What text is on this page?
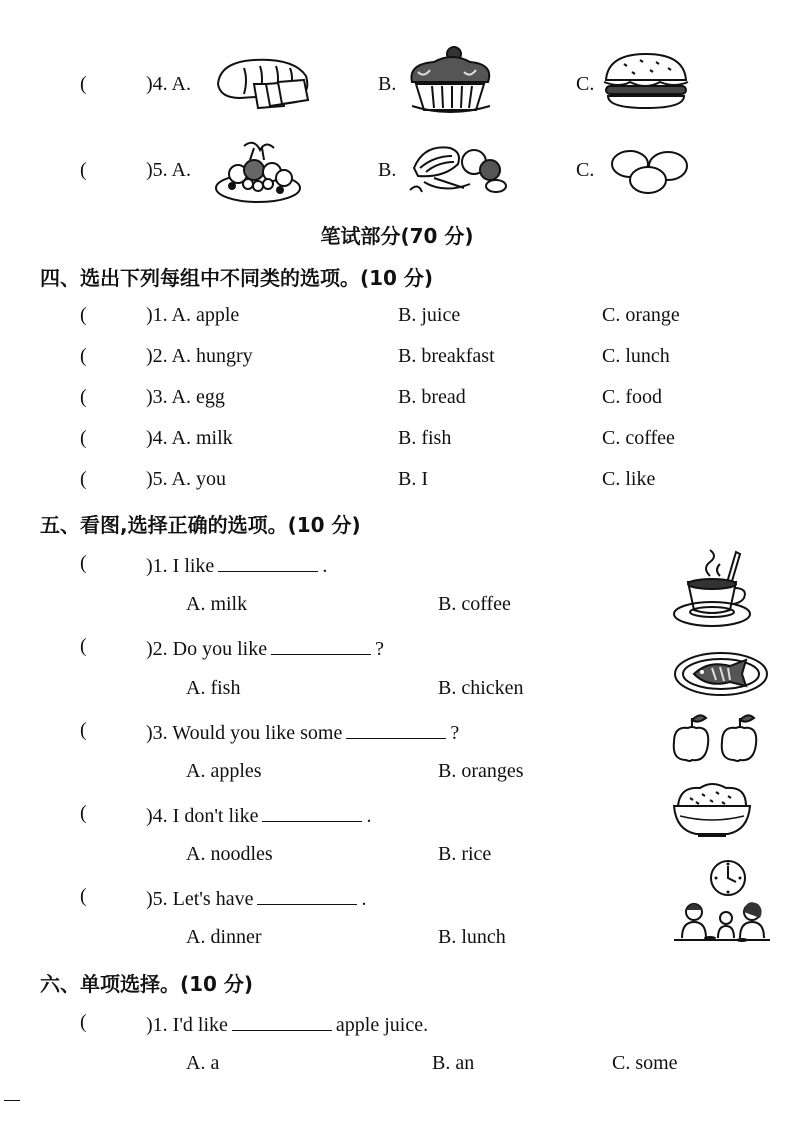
(	)4. A.	B.	C.
(	)5. A.	B.	C.
笔试部分(70 分)
四、选出下列每组中不同类的选项。(10 分)
(	)1. A. apple	B. juice	C. orange
(	)2. A. hungry	B. breakfast	C. lunch
(	)3. A. egg	B. bread	C. food
(	)4. A. milk	B. fish	C. coffee
(	)5. A. you	B. I	C. like
五、看图,选择正确的选项。(10 分)
(	)1. I like	.
A. milk	B. coffee
(	)2. Do you like	?
A. fish	B. chicken
(	)3. Would you like some	?
A. apples	B. oranges
(	)4. I don't like	.
A. noodles	B. rice
(	)5. Let's have	.
A. dinner	B. lunch
六、单项选择。(10 分)
(	)1. I'd like	apple juice.
A. a	B. an	C. some
